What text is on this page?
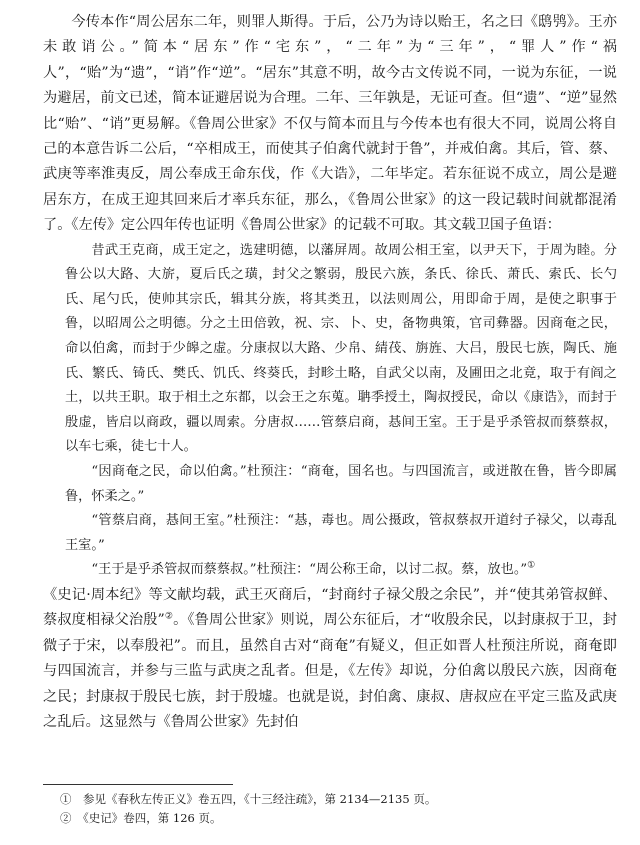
今传本作“周公居东二年，则罪人斯得。于后，公乃为诗以贻王，名之曰《鸱鸮》。王亦未敢诮公。”简本“居东”作“宅东”，“二年”为“三年”，“罪人”作“祸人”，“贻”为“遗”，“诮”作“逆”。“居东”其意不明，故今古文传说不同，一说为东征，一说为避居，前文已述，简本证避居说为合理。二年、三年孰是，无证可查。但“遗”、“逆”显然比“贻”、“诮”更易解。《鲁周公世家》不仅与简本而且与今传本也有很大不同，说周公将自己的本意告诉二公后，“卒相成王，而使其子伯禽代就封于鲁”，并戒伯禽。其后，管、蔡、武庚等率淮夷反，周公奉成王命东伐，作《大诰》，二年毕定。若东征说不成立，周公是避居东方，在成王迎其回来后才率兵东征，那么，《鲁周公世家》的这一段记载时间就都混淆了。《左传》定公四年传也证明《鲁周公世家》的记载不可取。其文载卫国子鱼语：

昔武王克商，成王定之，选建明德，以藩屏周。故周公相王室，以尹天下，于周为睦。分鲁公以大路、大旂，夏后氏之璜，封父之繁弱，殷民六族，条氏、徐氏、萧氏、索氏、长勺氏、尾勺氏，使帅其宗氏，辑其分族，将其类丑，以法则周公，用即命于周，是使之职事于鲁，以昭周公之明德。分之土田倍敦，祝、宗、卜、史，备物典策，官司彝器。因商奄之民，命以伯禽，而封于少皞之虚。分康叔以大路、少帛、綪茷、旃旌、大吕，殷民七族，陶氏、施氏、繁氏、锜氏、樊氏、饥氏、终葵氏，封畛土略，自武父以南，及圃田之北竟，取于有阎之土，以共王职。取于相土之东都，以会王之东蒐。聃季授土，陶叔授民，命以《康诰》，而封于殷虚，皆启以商政，疆以周索。分唐叔……管蔡启商，惎间王室。王于是乎杀管叔而蔡蔡叔，以车七乘，徒七十人。

“因商奄之民，命以伯禽。”杜预注：“商奄，国名也。与四国流言，或迸散在鲁，皆今即属鲁，怀柔之。”

“管蔡启商，惎间王室。”杜预注：“惎，毒也。周公摄政，管叔蔡叔开道纣子禄父，以毒乱王室。”

“王于是乎杀管叔而蔡蔡叔。”杜预注：“周公称王命，以讨二叔。蔡，放也。”①

《史记·周本纪》等文献均载，武王灭商后，“封商纣子禄父殷之余民”，并“使其弟管叔鲜、蔡叔度相禄父治殷”②。《鲁周公世家》则说，周公东征后，才“收殷余民，以封康叔于卫，封微子于宋，以奉殷祀”。而且，虽然自古对“商奄”有疑义，但正如晋人杜预注所说，商奄即与四国流言，并参与三监与武庚之乱者。但是，《左传》却说，分伯禽以殷民六族，因商奄之民；封康叔于殷民七族，封于殷墟。也就是说，封伯禽、康叔、唐叔应在平定三监及武庚之乱后。这显然与《鲁周公世家》先封伯

①　参见《春秋左传正义》卷五四，《十三经注疏》，第 2134—2135 页。
②　《史记》卷四，第 126 页。
